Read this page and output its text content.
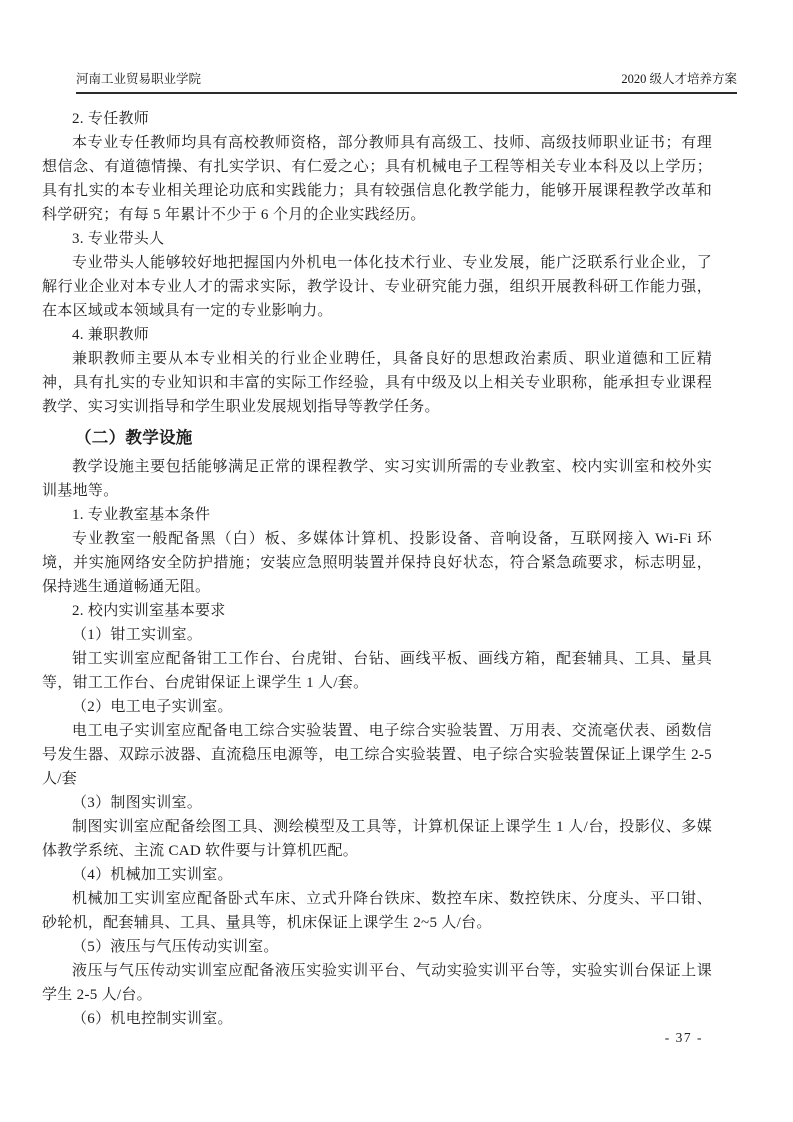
河南工业贸易职业学院	2020 级人才培养方案

2. 专任教师

本专业专任教师均具有高校教师资格，部分教师具有高级工、技师、高级技师职业证书；有理想信念、有道德情操、有扎实学识、有仁爱之心；具有机械电子工程等相关专业本科及以上学历；具有扎实的本专业相关理论功底和实践能力；具有较强信息化教学能力，能够开展课程教学改革和科学研究；有每 5 年累计不少于 6 个月的企业实践经历。

3. 专业带头人

专业带头人能够较好地把握国内外机电一体化技术行业、专业发展，能广泛联系行业企业，了解行业企业对本专业人才的需求实际，教学设计、专业研究能力强，组织开展教科研工作能力强，在本区域或本领域具有一定的专业影响力。

4. 兼职教师

兼职教师主要从本专业相关的行业企业聘任，具备良好的思想政治素质、职业道德和工匠精神，具有扎实的专业知识和丰富的实际工作经验，具有中级及以上相关专业职称，能承担专业课程教学、实习实训指导和学生职业发展规划指导等教学任务。

（二）教学设施

教学设施主要包括能够满足正常的课程教学、实习实训所需的专业教室、校内实训室和校外实训基地等。

1. 专业教室基本条件

专业教室一般配备黑（白）板、多媒体计算机、投影设备、音响设备，互联网接入 Wi-Fi 环境，并实施网络安全防护措施；安装应急照明装置并保持良好状态，符合紧急疏要求，标志明显，保持逃生通道畅通无阻。

2. 校内实训室基本要求

（1）钳工实训室。

钳工实训室应配备钳工工作台、台虎钳、台钻、画线平板、画线方箱，配套辅具、工具、量具等，钳工工作台、台虎钳保证上课学生 1 人/套。

（2）电工电子实训室。

电工电子实训室应配备电工综合实验装置、电子综合实验装置、万用表、交流毫伏表、函数信号发生器、双踪示波器、直流稳压电源等，电工综合实验装置、电子综合实验装置保证上课学生 2-5 人/套

（3）制图实训室。

制图实训室应配备绘图工具、测绘模型及工具等，计算机保证上课学生 1 人/台，投影仪、多媒体教学系统、主流 CAD 软件要与计算机匹配。

（4）机械加工实训室。

机械加工实训室应配备卧式车床、立式升降台铁床、数控车床、数控铁床、分度头、平口钳、砂轮机，配套辅具、工具、量具等，机床保证上课学生 2~5 人/台。

（5）液压与气压传动实训室。

液压与气压传动实训室应配备液压实验实训平台、气动实验实训平台等，实验实训台保证上课学生 2-5 人/台。

（6）机电控制实训室。

- 37 -
